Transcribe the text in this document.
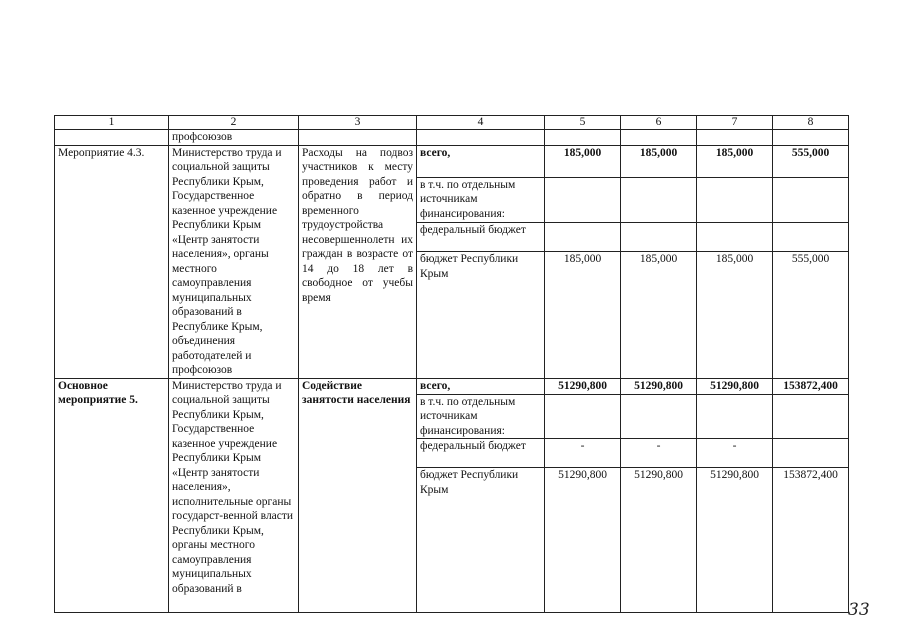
1	2	3	4	5	6	7	8
	профсоюзов						
Мероприятие 4.3.	Министерство труда и социальной защиты Республики Крым, Государственное казенное учреждение Республики Крым «Центр занятости населения», органы местного самоуправления муниципальных образований в Республике Крым, объединения работодателей и профсоюзов	Расходы на подвоз участников к месту проведения работ и обратно в период временного трудоустройства несовершеннолетн их граждан в возрасте от 14 до 18 лет в свободное от учебы время	всего,	185,000	185,000	185,000	555,000
			в т.ч. по отдельным источникам финансирования:				
			федеральный бюджет				
			бюджет Республики Крым	185,000	185,000	185,000	555,000
Основное мероприятие 5.	Министерство труда и социальной защиты Республики Крым, Государственное казенное учреждение Республики Крым «Центр занятости населения», исполнительные органы государст-венной власти Республики Крым, органы местного самоуправления муниципальных образований в	Содействие занятости населения	всего,	51290,800	51290,800	51290,800	153872,400
			в т.ч. по отдельным источникам финансирования:				
			федеральный бюджет	-	-	-	
			бюджет Республики Крым	51290,800	51290,800	51290,800	153872,400
33
